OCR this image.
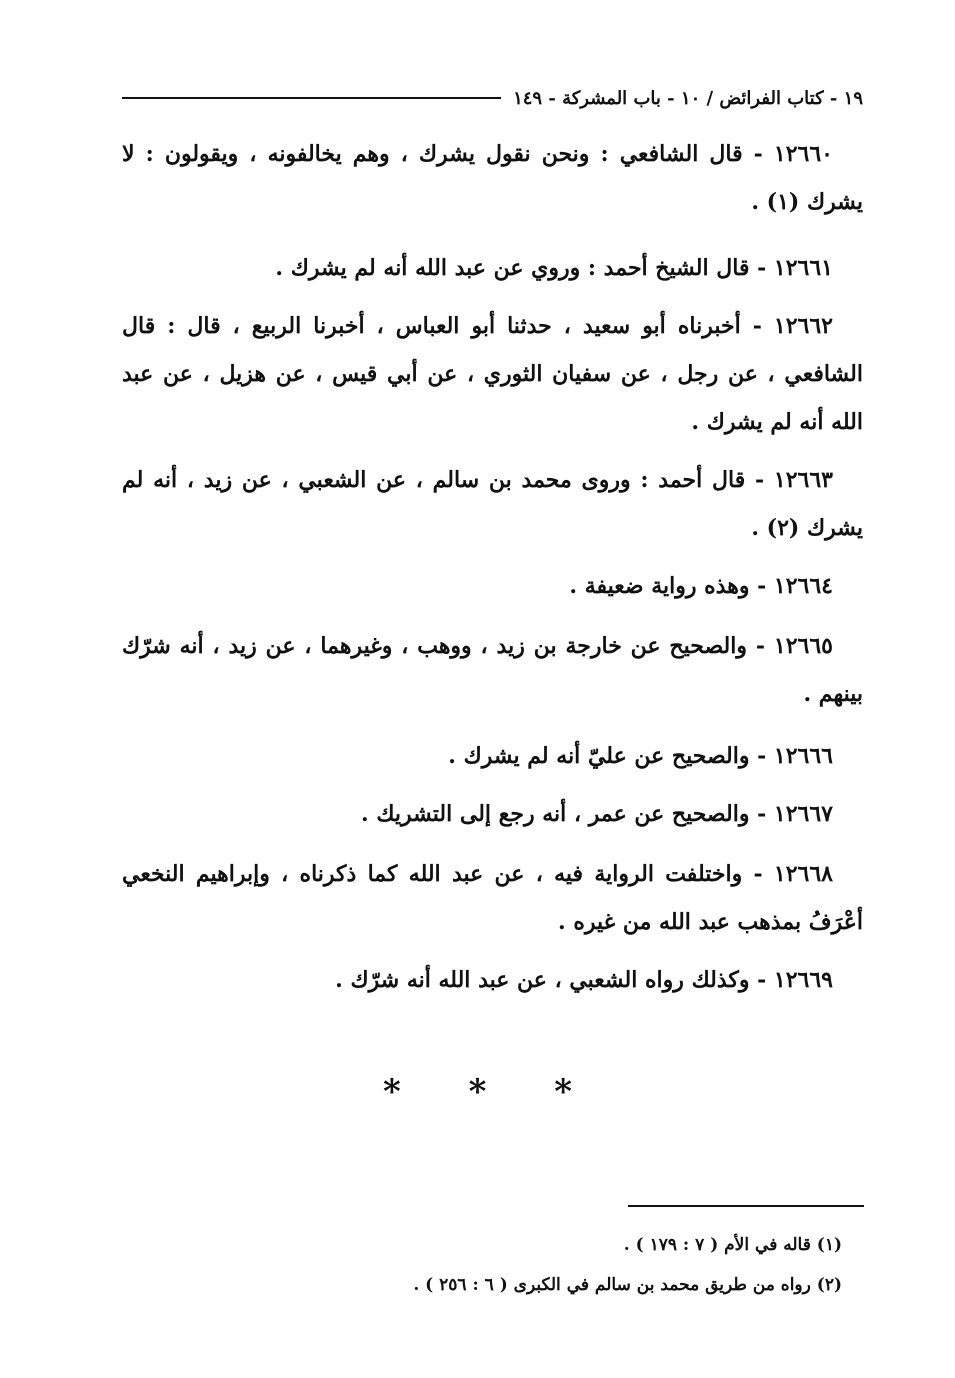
١٩ - كتاب الفرائض / ١٠ - باب المشركة - ١٤٩

١٢٦٦٠ - قال الشافعي : ونحن نقول يشرك ، وهم يخالفونه ، ويقولون : لا يشرك (١) .

١٢٦٦١ - قال الشيخ أحمد : وروي عن عبد الله أنه لم يشرك .

١٢٦٦٢ - أخبرناه أبو سعيد ، حدثنا أبو العباس ، أخبرنا الربيع ، قال : قال الشافعي ، عن رجل ، عن سفيان الثوري ، عن أبي قيس ، عن هزيل ، عن عبد الله أنه لم يشرك .

١٢٦٦٣ - قال أحمد : وروى محمد بن سالم ، عن الشعبي ، عن زيد ، أنه لم يشرك (٢) .

١٢٦٦٤ - وهذه رواية ضعيفة .

١٢٦٦٥ - والصحيح عن خارجة بن زيد ، ووهب ، وغيرهما ، عن زيد ، أنه شرّك بينهم .

١٢٦٦٦ - والصحيح عن عليّ أنه لم يشرك .

١٢٦٦٧ - والصحيح عن عمر ، أنه رجع إلى التشريك .

١٢٦٦٨ - واختلفت الرواية فيه ، عن عبد الله كما ذكرناه ، وإبراهيم النخعي أعْرَفُ بمذهب عبد الله من غيره .

١٢٦٦٩ - وكذلك رواه الشعبي ، عن عبد الله أنه شرّك .

* * *
(١) قاله في الأم ( ٧ : ١٧٩ ) .
(٢) رواه من طريق محمد بن سالم في الكبرى ( ٦ : ٢٥٦ ) .
